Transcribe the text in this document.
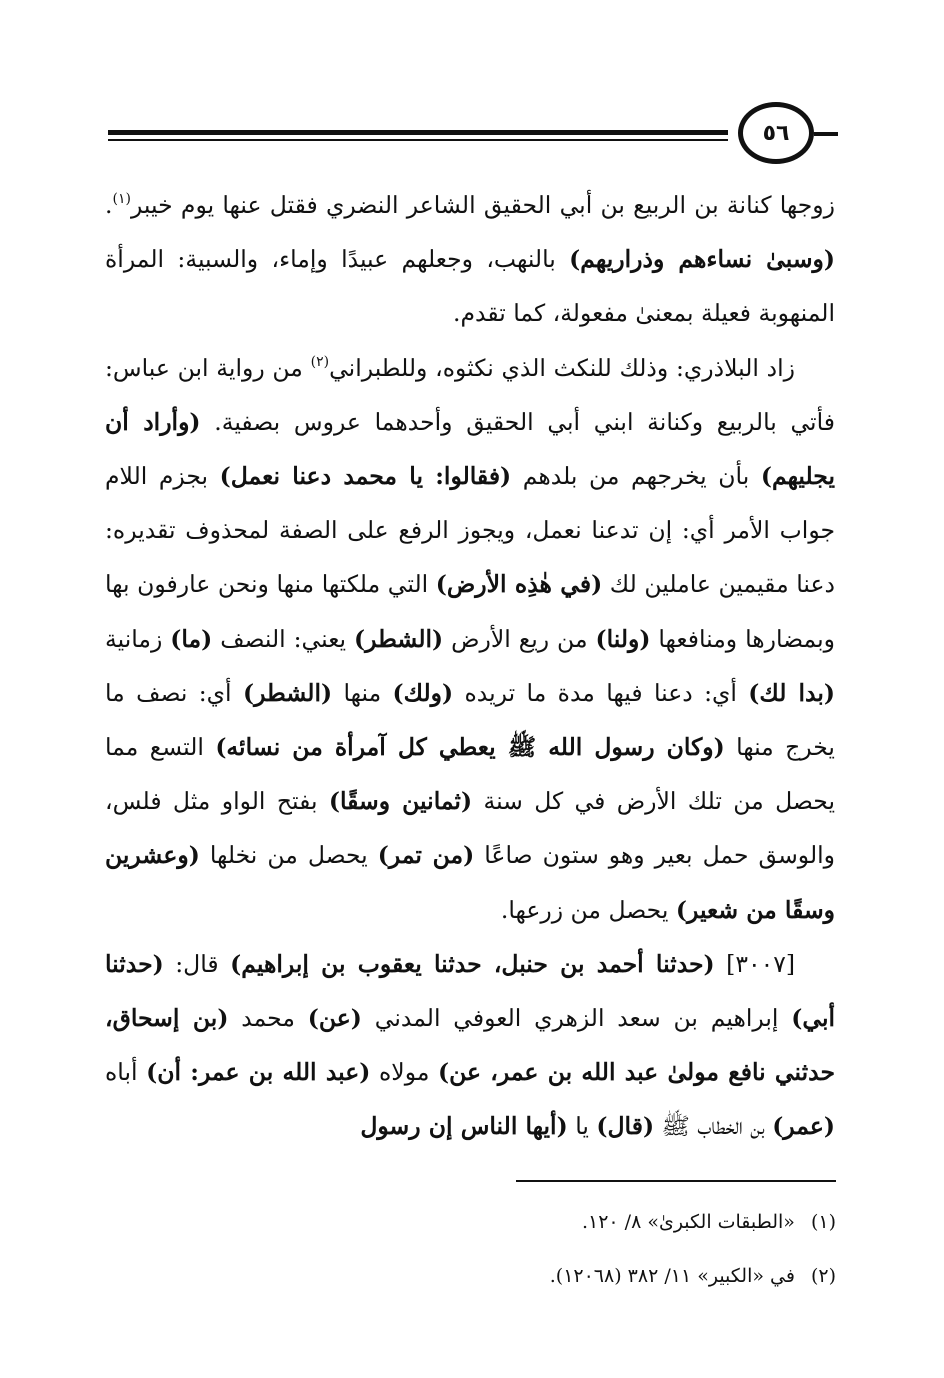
٥٦

زوجها كنانة بن الربيع بن أبي الحقيق الشاعر النضري فقتل عنها يوم خيبر$^{(١)}$. (وسبىٰ نساءهم وذراريهم) بالنهب، وجعلهم عبيدًا وإماء، والسبية: المرأة المنهوبة فعيلة بمعنىٰ مفعولة، كما تقدم.

زاد البلاذري: وذلك للنكث الذي نكثوه، وللطبراني$^{(٢)}$ من رواية ابن عباس: فأتي بالربيع وكنانة ابني أبي الحقيق وأحدهما عروس بصفية. (وأراد أن يجليهم) بأن يخرجهم من بلدهم (فقالوا: يا محمد دعنا نعمل) بجزم اللام جواب الأمر أي: إن تدعنا نعمل، ويجوز الرفع على الصفة لمحذوف تقديره: دعنا مقيمين عاملين لك (في هٰذِه الأرض) التي ملكتها منها ونحن عارفون بها وبمضارها ومنافعها (ولنا) من ريع الأرض (الشطر) يعني: النصف (ما) زمانية (بدا لك) أي: دعنا فيها مدة ما تريده (ولك) منها (الشطر) أي: نصف ما يخرج منها (وكان رسول الله ﷺ يعطي كل آمرأة من نسائه) التسع مما يحصل من تلك الأرض في كل سنة (ثمانين وسقًا) بفتح الواو مثل فلس، والوسق حمل بعير وهو ستون صاعًا (من تمر) يحصل من نخلها (وعشرين وسقًا من شعير) يحصل من زرعها.

[٣٠٠٧] (حدثنا أحمد بن حنبل، حدثنا يعقوب بن إبراهيم) قال: (حدثنا أبي) إبراهيم بن سعد الزهري العوفي المدني (عن) محمد (بن إسحاق، حدثني نافع مولىٰ عبد الله بن عمر، عن) مولاه (عبد الله بن عمر: أن) أباه (عمر) بن الخطاب ﷺ (قال) يا (أيها الناس إن رسول

(١)«الطبقات الكبرىٰ» ٨/ ١٢٠.
(٢)في «الكبير» ١١/ ٣٨٢ (١٢٠٦٨).
